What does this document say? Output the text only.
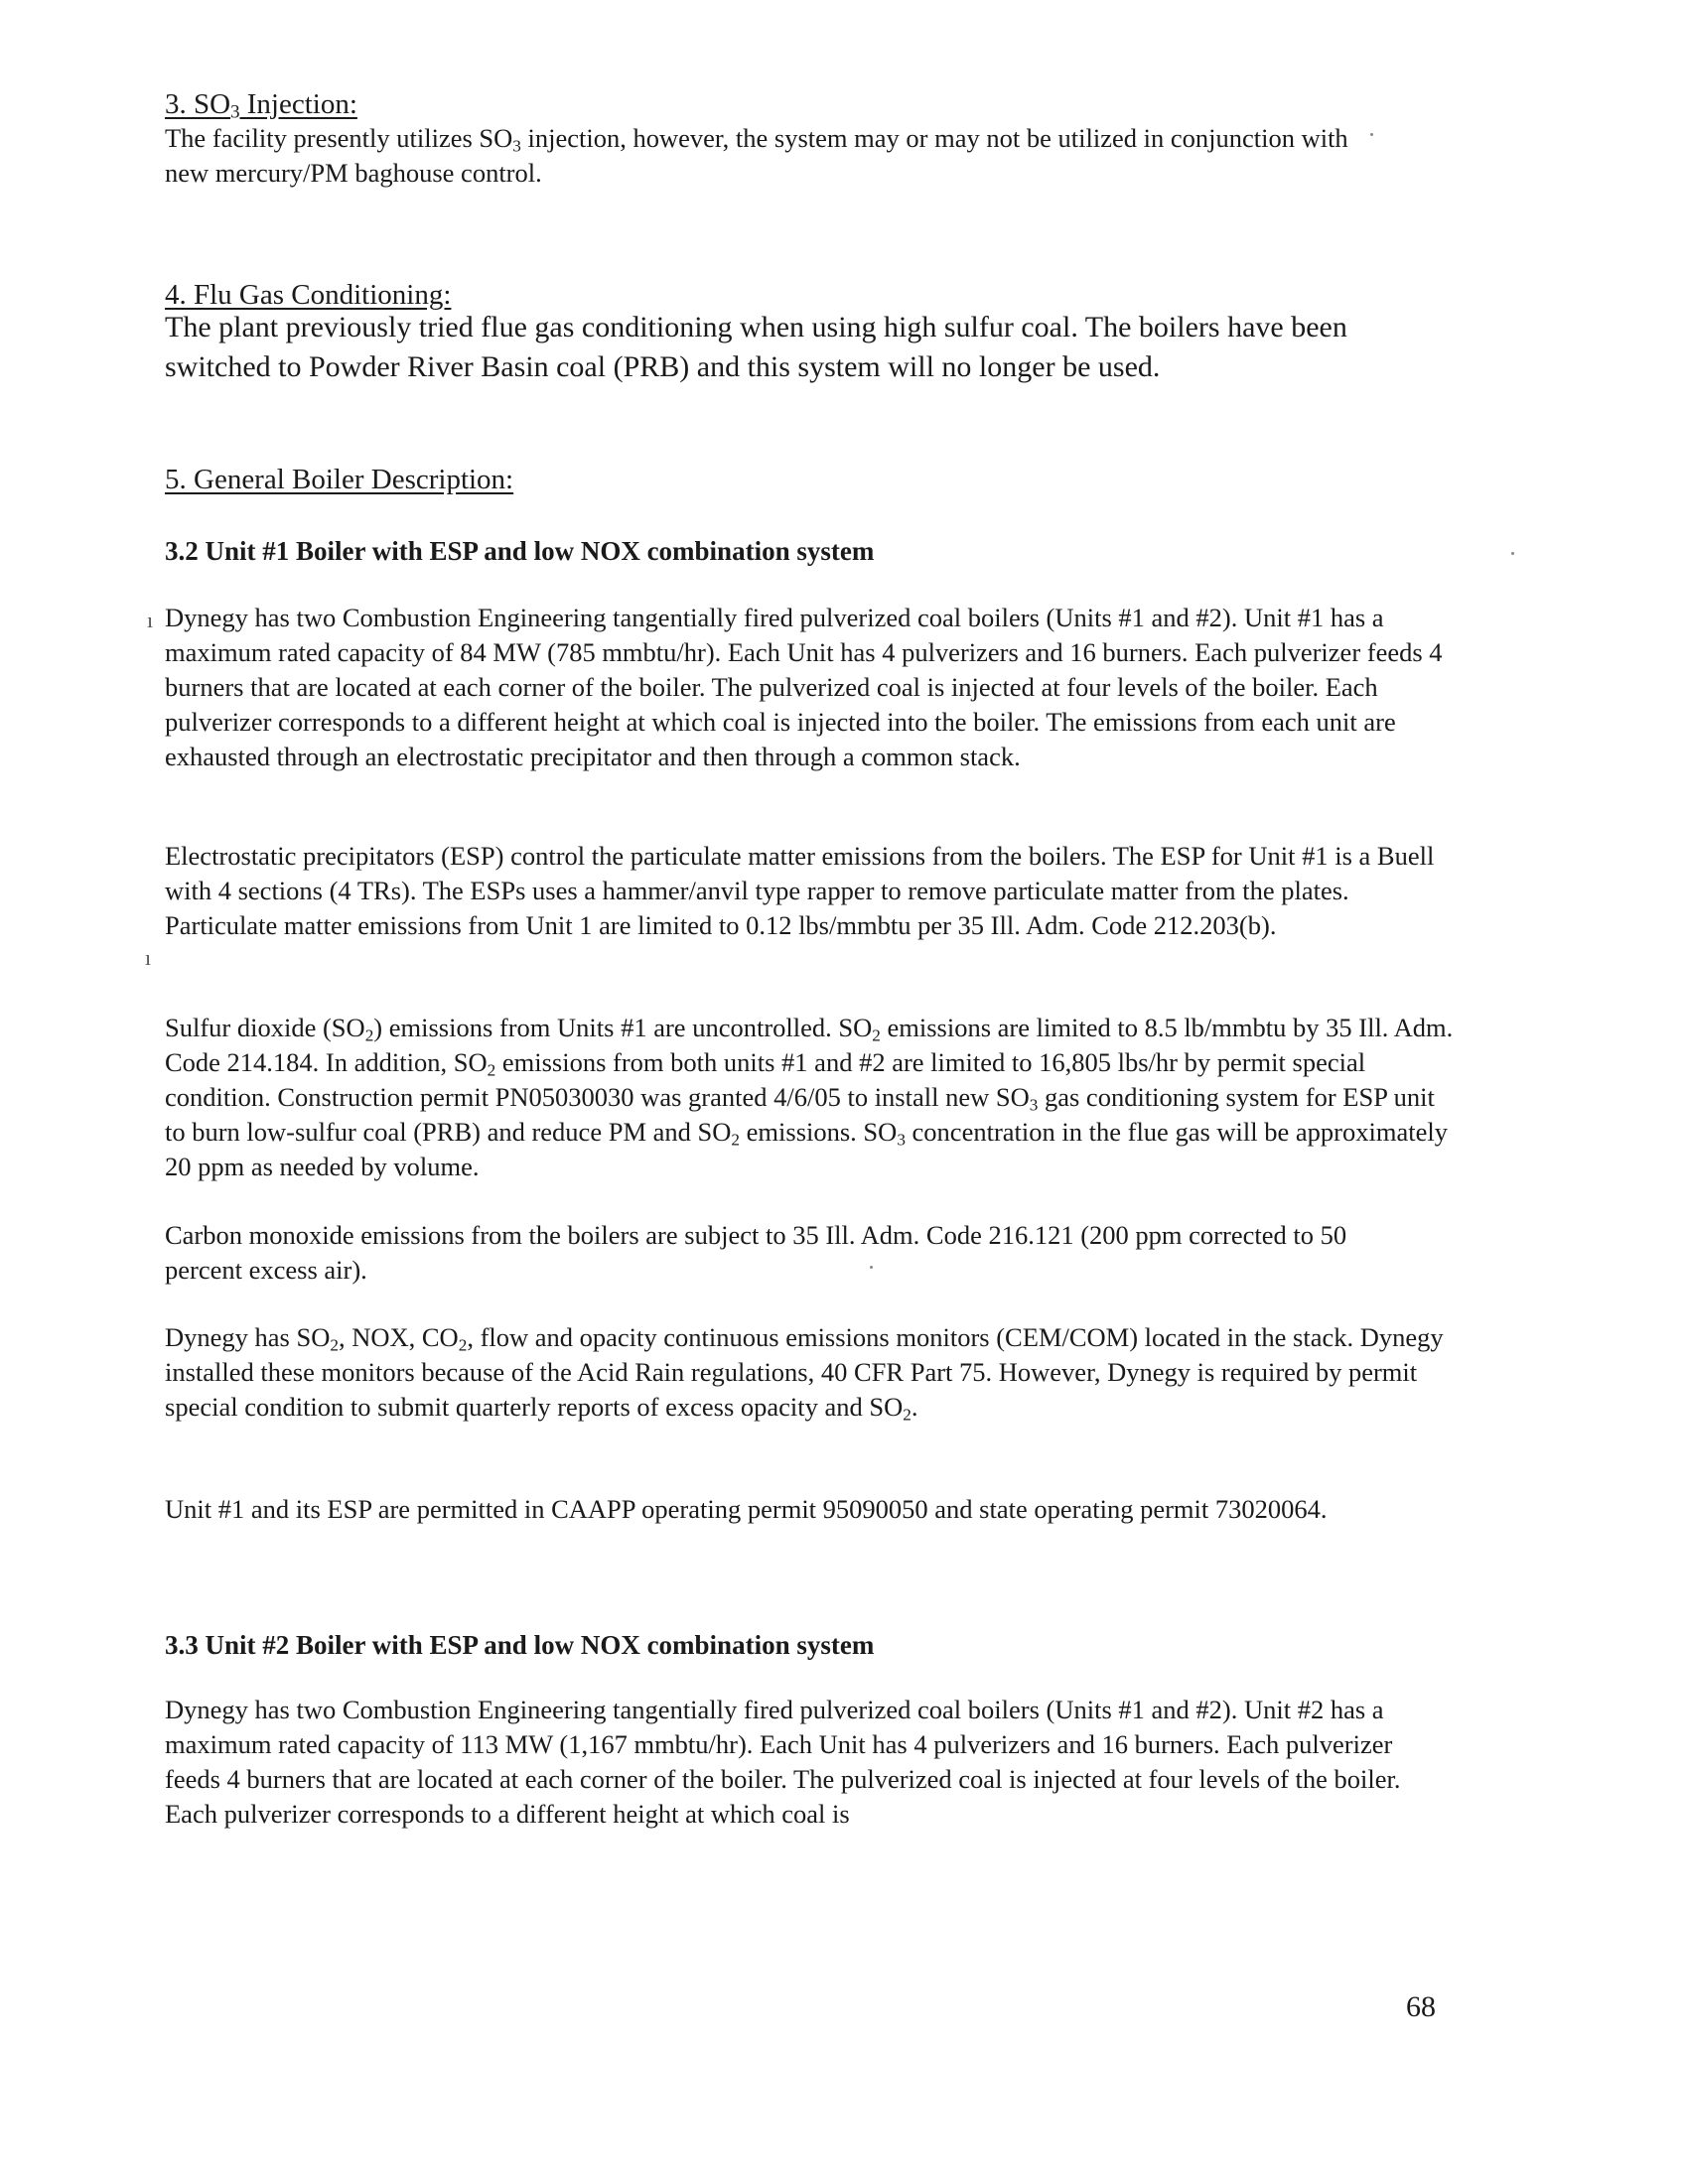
3. $SO_3$ Injection:
The facility presently utilizes $SO_3$ injection, however, the system may or may not be utilized in conjunction with new mercury/PM baghouse control.
4. Flu Gas Conditioning:
The plant previously tried flue gas conditioning when using high sulfur coal. The boilers have been switched to Powder River Basin coal (PRB) and this system will no longer be used.
5. General Boiler Description:
3.2 Unit #1 Boiler with ESP and low NOX combination system
ı Dynegy has two Combustion Engineering tangentially fired pulverized coal boilers (Units #1 and #2). Unit #1 has a maximum rated capacity of 84 MW (785 mmbtu/hr). Each Unit has 4 pulverizers and 16 burners. Each pulverizer feeds 4 burners that are located at each corner of the boiler. The pulverized coal is injected at four levels of the boiler. Each pulverizer corresponds to a different height at which coal is injected into the boiler. The emissions from each unit are exhausted through an electrostatic precipitator and then through a common stack.
Electrostatic precipitators (ESP) control the particulate matter emissions from the boilers. The ESP for Unit #1 is a Buell with 4 sections (4 TRs). The ESPs uses a hammer/anvil type rapper to remove particulate matter from the plates. Particulate matter emissions from Unit 1 are limited to 0.12 lbs/mmbtu per 35 Ill. Adm. Code 212.203(b).
ı
Sulfur dioxide $(SO_2)$ emissions from Units #1 are uncontrolled. $SO_2$ emissions are limited to 8.5 lb/mmbtu by 35 Ill. Adm. Code 214.184. In addition, $SO_2$ emissions from both units #1 and #2 are limited to 16,805 lbs/hr by permit special condition. Construction permit PN05030030 was granted 4/6/05 to install new $SO_3$ gas conditioning system for ESP unit to burn low-sulfur coal (PRB) and reduce PM and $SO_2$ emissions. $SO_3$ concentration in the flue gas will be approximately 20 ppm as needed by volume.
Carbon monoxide emissions from the boilers are subject to 35 Ill. Adm. Code 216.121 (200 ppm corrected to 50 percent excess air).
Dynegy has $SO_2$, NOX, $CO_2$, flow and opacity continuous emissions monitors (CEM/COM) located in the stack. Dynegy installed these monitors because of the Acid Rain regulations, 40 CFR Part 75. However, Dynegy is required by permit special condition to submit quarterly reports of excess opacity and $SO_2$.
Unit #1 and its ESP are permitted in CAAPP operating permit 95090050 and state operating permit 73020064.
3.3 Unit #2 Boiler with ESP and low NOX combination system
Dynegy has two Combustion Engineering tangentially fired pulverized coal boilers (Units #1 and #2). Unit #2 has a maximum rated capacity of 113 MW (1,167 mmbtu/hr). Each Unit has 4 pulverizers and 16 burners. Each pulverizer feeds 4 burners that are located at each corner of the boiler. The pulverized coal is injected at four levels of the boiler. Each pulverizer corresponds to a different height at which coal is
68
